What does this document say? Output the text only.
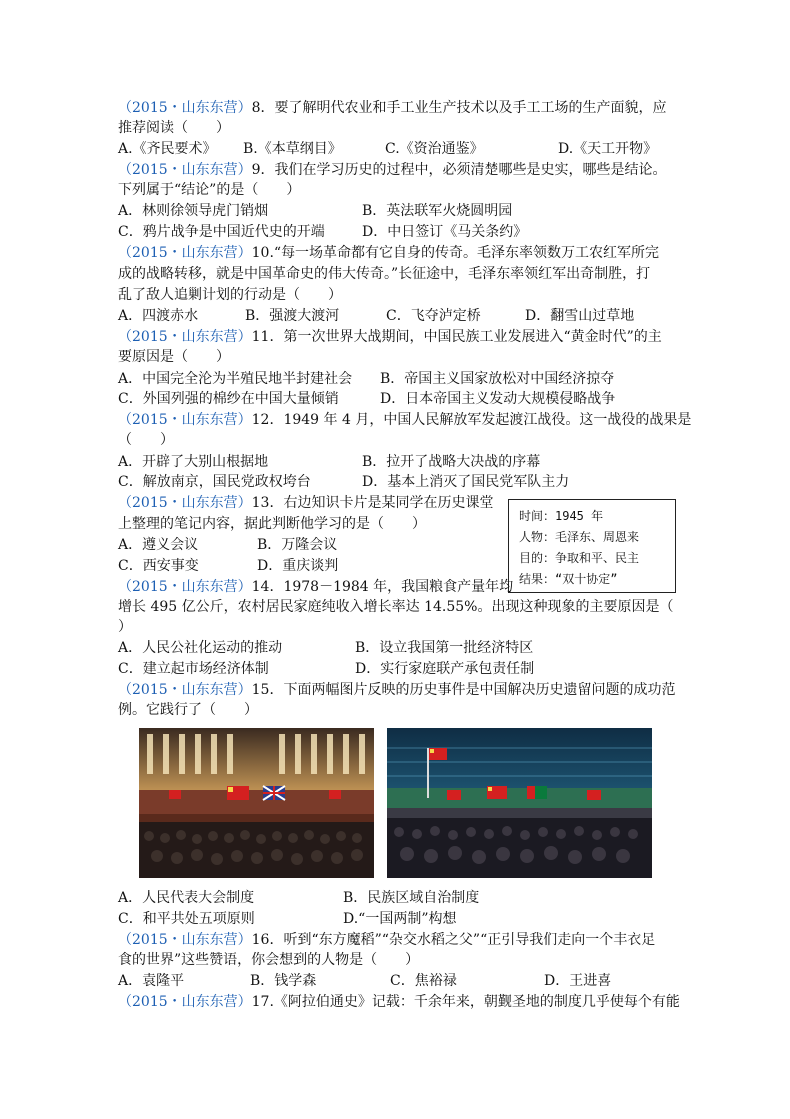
（2015・山东东营）8．要了解明代农业和手工业生产技术以及手工工场的生产面貌，应
推荐阅读（　　）
A.《齐民要术》 B.《本草纲目》	C.《资治通鉴》	D.《天工开物》
（2015・山东东营）9．我们在学习历史的过程中，必须清楚哪些是史实，哪些是结论。
下列属于“结论”的是（　　）
A．林则徐领导虎门销烟	B．英法联军火烧圆明园
C．鸦片战争是中国近代史的开端	D．中日签订《马关条约》
（2015・山东东营）10.“每一场革命都有它自身的传奇。毛泽东率领数万工农红军所完
成的战略转移，就是中国革命史的伟大传奇。”长征途中，毛泽东率领红军出奇制胜，打
乱了敌人追剿计划的行动是（　　）
A．四渡赤水	B．强渡大渡河	C．飞夺泸定桥	D．翻雪山过草地
（2015・山东东营）11．第一次世界大战期间，中国民族工业发展进入“黄金时代”的主
要原因是（　　）
A．中国完全沦为半殖民地半封建社会 B．帝国主义国家放松对中国经济掠夺
C．外国列强的棉纱在中国大量倾销	D．日本帝国主义发动大规模侵略战争
（2015・山东东营）12．1949 年 4 月，中国人民解放军发起渡江战役。这一战役的战果是
（　　）
A．开辟了大别山根据地	B．拉开了战略大决战的序幕
C．解放南京，国民党政权垮台	D．基本上消灭了国民党军队主力
（2015・山东东营）13．右边知识卡片是某同学在历史课堂
上整理的笔记内容，据此判断他学习的是（　　）
A．遵义会议	B．万隆会议
C．西安事变	D．重庆谈判
时间：1945 年
人物：毛泽东、周恩来
目的：争取和平、民主
结果：“双十协定”
（2015・山东东营）14．1978－1984 年，我国粮食产量年均
增长 495 亿公斤，农村居民家庭纯收入增长率达 14.55%。出现这种现象的主要原因是（
）
A．人民公社化运动的推动	B．设立我国第一批经济特区
C．建立起市场经济体制	D．实行家庭联产承包责任制
（2015・山东东营）15．下面两幅图片反映的历史事件是中国解决历史遗留问题的成功范
例。它践行了（　　）
A．人民代表大会制度	B．民族区域自治制度
C．和平共处五项原则	D.“一国两制”构想
（2015・山东东营）16．听到“东方魔稻”“杂交水稻之父”“正引导我们走向一个丰衣足
食的世界”这些赞语，你会想到的人物是（　　）
A．袁隆平	B．钱学森	C．焦裕禄	D．王进喜
（2015・山东东营）17.《阿拉伯通史》记载：千余年来，朝觐圣地的制度几乎使每个有能
